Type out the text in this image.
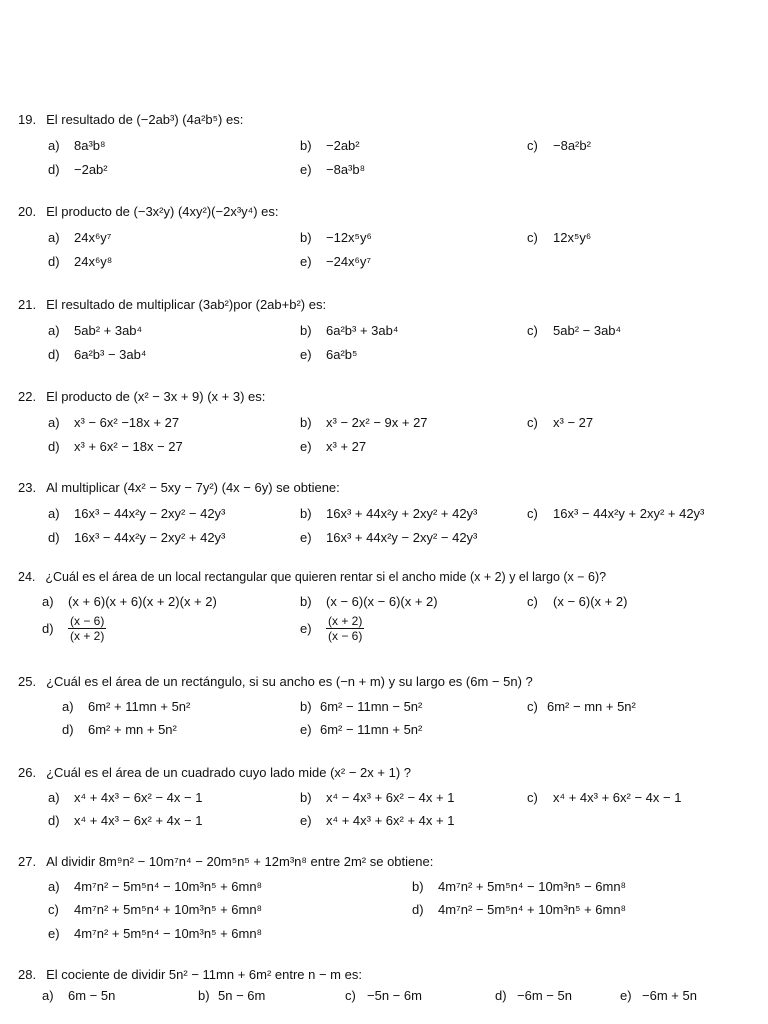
19. El resultado de (−2ab³) (4a²b⁵) es:
a) 8a³b⁸	b) −2ab²	c) −8a²b²
d) −2ab²	e) −8a³b⁸
20. El producto de (−3x²y) (4xy²)(−2x³y⁴) es:
a) 24x⁶y⁷	b) −12x⁵y⁶	c) 12x⁵y⁶
d) 24x⁶y⁸	e) −24x⁶y⁷
21. El resultado de multiplicar (3ab²)por (2ab+b²) es:
a) 5ab² + 3ab⁴	b) 6a²b³ + 3ab⁴	c) 5ab² − 3ab⁴
d) 6a²b³ − 3ab⁴	e) 6a²b⁵
22. El producto de (x² − 3x + 9) (x + 3) es:
a) x³ − 6x² −18x + 27	b) x³ − 2x² − 9x + 27	c) x³ − 27
d) x³ + 6x² − 18x − 27	e) x³ + 27
23. Al multiplicar (4x² − 5xy − 7y²) (4x − 6y) se obtiene:
a) 16x³ − 44x²y − 2xy² − 42y³	b) 16x³ + 44x²y + 2xy² + 42y³	c) 16x³ − 44x²y + 2xy² + 42y³
d) 16x³ − 44x²y − 2xy² + 42y³	e) 16x³ + 44x²y − 2xy² − 42y³
24. ¿Cuál es el área de un local rectangular que quieren rentar si el ancho mide (x + 2) y el largo (x − 6)?
a) (x + 6)(x + 6)(x + 2)(x + 2)	b) (x − 6)(x − 6)(x + 2)	c) (x − 6)(x + 2)
$d) \frac{(x - 6)}{(x + 2)}$	$e) \frac{(x + 2)}{(x - 6)}$
25. ¿Cuál es el área de un rectángulo, si su ancho es (−n + m) y su largo es (6m − 5n) ?
a) 6m² + 11mn + 5n²	b) 6m² − 11mn − 5n²	c) 6m² − mn + 5n²
d) 6m² + mn + 5n²	e) 6m² − 11mn + 5n²
26. ¿Cuál es el área de un cuadrado cuyo lado mide (x² − 2x + 1) ?
a) x⁴ + 4x³ − 6x² − 4x − 1	b) x⁴ − 4x³ + 6x² − 4x + 1	c) x⁴ + 4x³ + 6x² − 4x − 1
d) x⁴ + 4x³ − 6x² + 4x − 1	e) x⁴ + 4x³ + 6x² + 4x + 1
27. Al dividir 8m⁹n² − 10m⁷n⁴ − 20m⁵n⁵ + 12m³n⁸ entre 2m² se obtiene:
a) 4m⁷n² − 5m⁵n⁴ − 10m³n⁵ + 6mn⁸	b) 4m⁷n² + 5m⁵n⁴ − 10m³n⁵ − 6mn⁸
c) 4m⁷n² + 5m⁵n⁴ + 10m³n⁵ + 6mn⁸	d) 4m⁷n² − 5m⁵n⁴ + 10m³n⁵ + 6mn⁸
e) 4m⁷n² + 5m⁵n⁴ − 10m³n⁵ + 6mn⁸
28. El cociente de dividir 5n² − 11mn + 6m² entre n − m es:
a) 6m − 5n	b) 5n − 6m	c) −5n − 6m	d) −6m − 5n	e) −6m + 5n
